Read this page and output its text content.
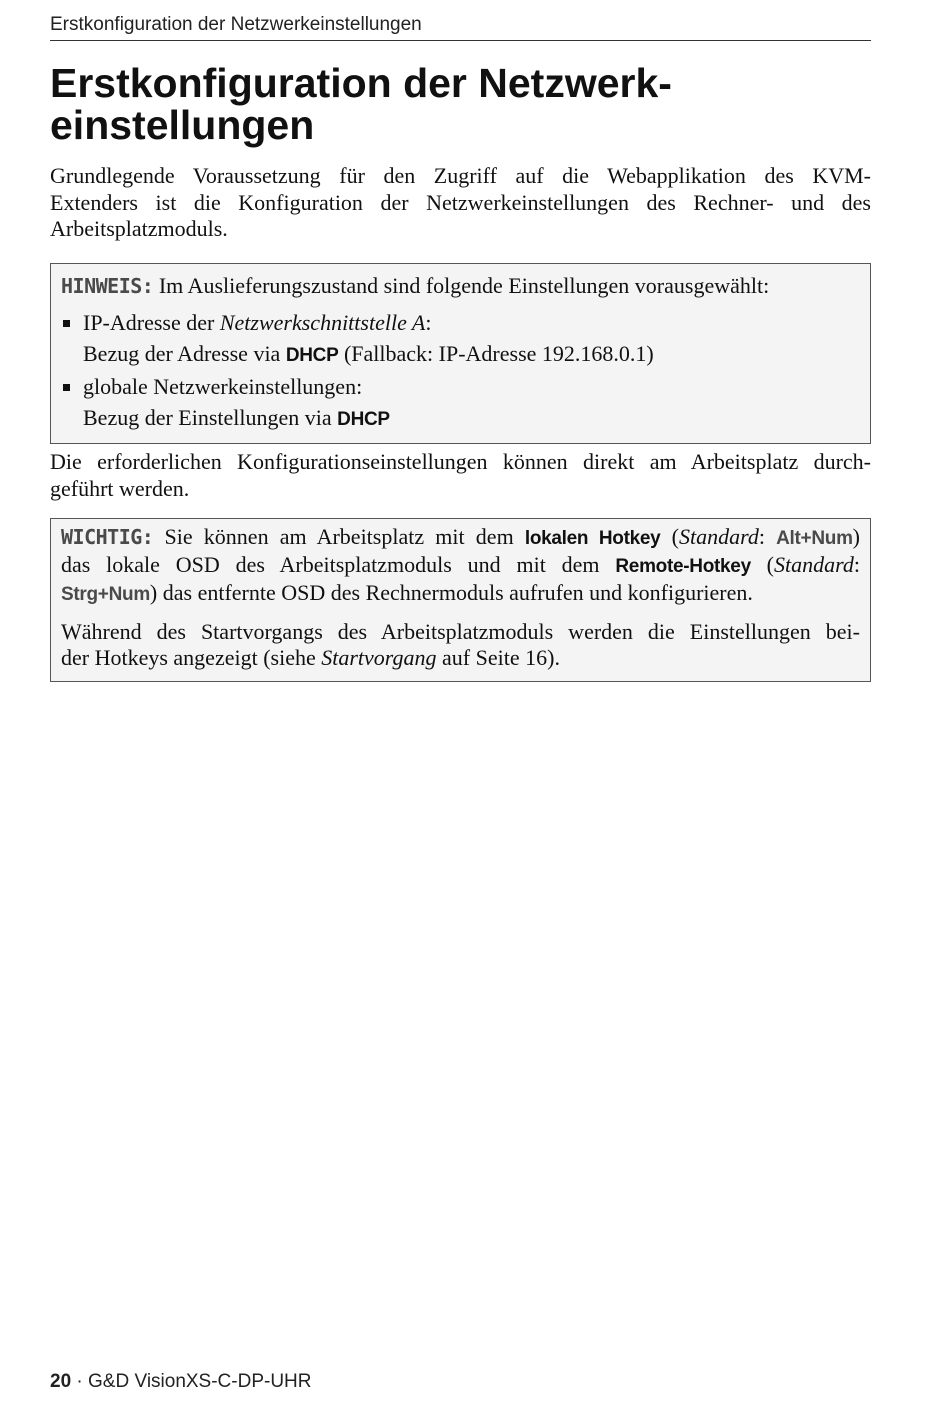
Erstkonfiguration der Netzwerkeinstellungen
Erstkonfiguration der Netzwerk-
einstellungen

Grundlegende Voraussetzung für den Zugriff auf die Webapplikation des KVM-
Extenders ist die Konfiguration der Netzwerkeinstellungen des Rechner- und des
Arbeitsplatzmoduls.

HINWEIS: Im Auslieferungszustand sind folgende Einstellungen vorausgewählt:
IP-Adresse der Netzwerkschnittstelle A:
Bezug der Adresse via DHCP (Fallback: IP-Adresse 192.168.0.1)
globale Netzwerkeinstellungen:
Bezug der Einstellungen via DHCP

Die erforderlichen Konfigurationseinstellungen können direkt am Arbeitsplatz durch-
geführt werden.

WICHTIG: Sie können am Arbeitsplatz mit dem lokalen Hotkey (Standard: Alt+Num)
das lokale OSD des Arbeitsplatzmoduls und mit dem Remote-Hotkey (Standard:
Strg+Num) das entfernte OSD des Rechnermoduls aufrufen und konfigurieren.
Während des Startvorgangs des Arbeitsplatzmoduls werden die Einstellungen bei-
der Hotkeys angezeigt (siehe Startvorgang auf Seite 16).
20 · G&D VisionXS-C-DP-UHR
